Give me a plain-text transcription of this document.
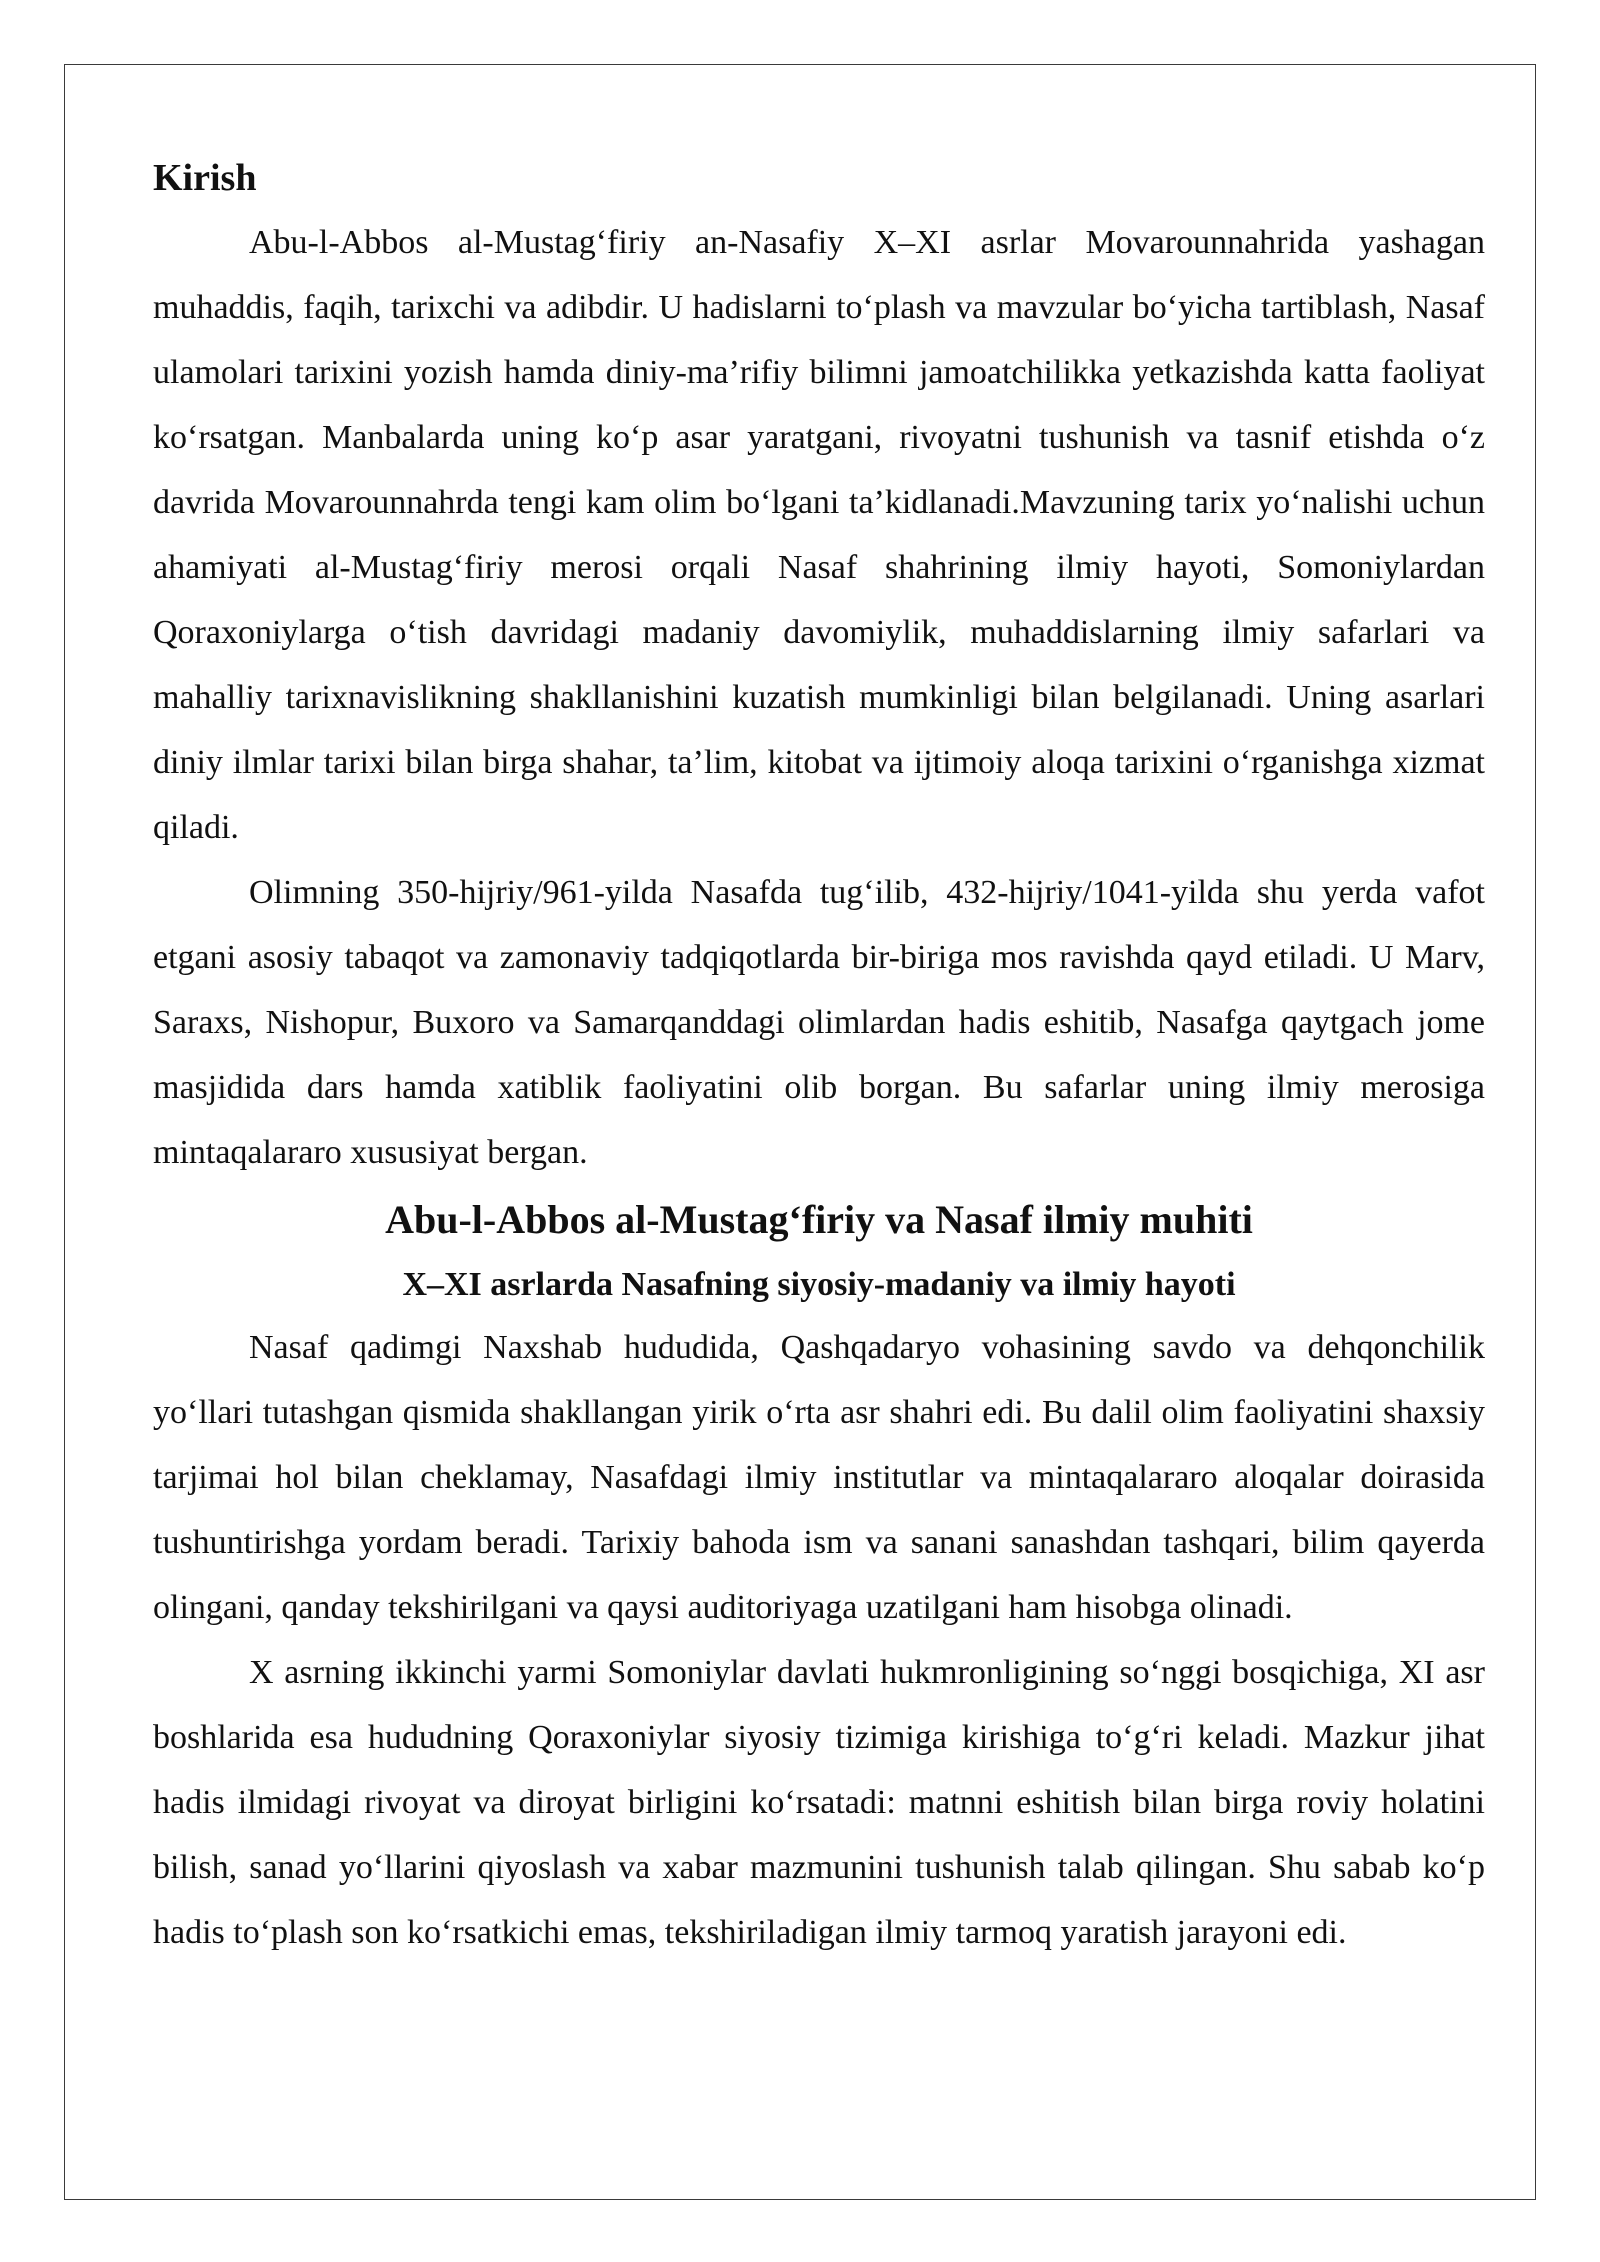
Kirish

Abu-l-Abbos al-Mustag‘firiy an-Nasafiy X–XI asrlar Movarounnahrida yashagan muhaddis, faqih, tarixchi va adibdir. U hadislarni to‘plash va mavzular bo‘yicha tartiblash, Nasaf ulamolari tarixini yozish hamda diniy-ma’rifiy bilimni jamoatchilikka yetkazishda katta faoliyat ko‘rsatgan. Manbalarda uning ko‘p asar yaratgani, rivoyatni tushunish va tasnif etishda o‘z davrida Movarounnahrda tengi kam olim bo‘lgani ta’kidlanadi.Mavzuning tarix yo‘nalishi uchun ahamiyati al-Mustag‘firiy merosi orqali Nasaf shahrining ilmiy hayoti, Somoniylardan Qoraxoniylarga o‘tish davridagi madaniy davomiylik, muhaddislarning ilmiy safarlari va mahalliy tarixnavislikning shakllanishini kuzatish mumkinligi bilan belgilanadi. Uning asarlari diniy ilmlar tarixi bilan birga shahar, ta’lim, kitobat va ijtimoiy aloqa tarixini o‘rganishga xizmat qiladi.

Olimning 350-hijriy/961-yilda Nasafda tug‘ilib, 432-hijriy/1041-yilda shu yerda vafot etgani asosiy tabaqot va zamonaviy tadqiqotlarda bir-biriga mos ravishda qayd etiladi. U Marv, Saraxs, Nishopur, Buxoro va Samarqanddagi olimlardan hadis eshitib, Nasafga qaytgach jome masjidida dars hamda xatiblik faoliyatini olib borgan. Bu safarlar uning ilmiy merosiga mintaqalararo xususiyat bergan.

Abu-l-Abbos al-Mustag‘firiy va Nasaf ilmiy muhiti
X–XI asrlarda Nasafning siyosiy-madaniy va ilmiy hayoti

Nasaf qadimgi Naxshab hududida, Qashqadaryo vohasining savdo va dehqonchilik yo‘llari tutashgan qismida shakllangan yirik o‘rta asr shahri edi. Bu dalil olim faoliyatini shaxsiy tarjimai hol bilan cheklamay, Nasafdagi ilmiy institutlar va mintaqalararo aloqalar doirasida tushuntirishga yordam beradi. Tarixiy bahoda ism va sanani sanashdan tashqari, bilim qayerda olingani, qanday tekshirilgani va qaysi auditoriyaga uzatilgani ham hisobga olinadi.

X asrning ikkinchi yarmi Somoniylar davlati hukmronligining so‘nggi bosqichiga, XI asr boshlarida esa hududning Qoraxoniylar siyosiy tizimiga kirishiga to‘g‘ri keladi. Mazkur jihat hadis ilmidagi rivoyat va diroyat birligini ko‘rsatadi: matnni eshitish bilan birga roviy holatini bilish, sanad yo‘llarini qiyoslash va xabar mazmunini tushunish talab qilingan. Shu sabab ko‘p hadis to‘plash son ko‘rsatkichi emas, tekshiriladigan ilmiy tarmoq yaratish jarayoni edi.
